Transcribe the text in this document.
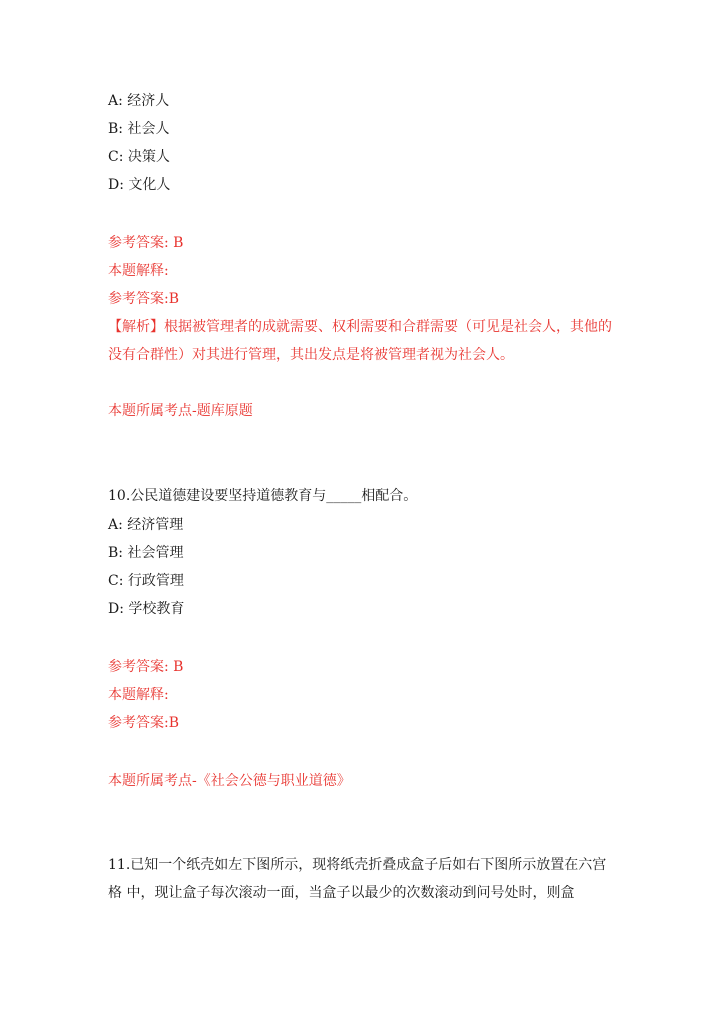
A: 经济人
B: 社会人
C: 决策人
D: 文化人
参考答案: B
本题解释:
参考答案:B
【解析】根据被管理者的成就需要、权利需要和合群需要（可见是社会人，其他的没有合群性）对其进行管理，其出发点是将被管理者视为社会人。
本题所属考点-题库原题
10.公民道德建设要坚持道德教育与_____相配合。
A: 经济管理
B: 社会管理
C: 行政管理
D: 学校教育
参考答案: B
本题解释:
参考答案:B
本题所属考点-《社会公德与职业道德》
11.已知一个纸壳如左下图所示，现将纸壳折叠成盒子后如右下图所示放置在六宫格 中，现让盒子每次滚动一面，当盒子以最少的次数滚动到问号处时，则盒
